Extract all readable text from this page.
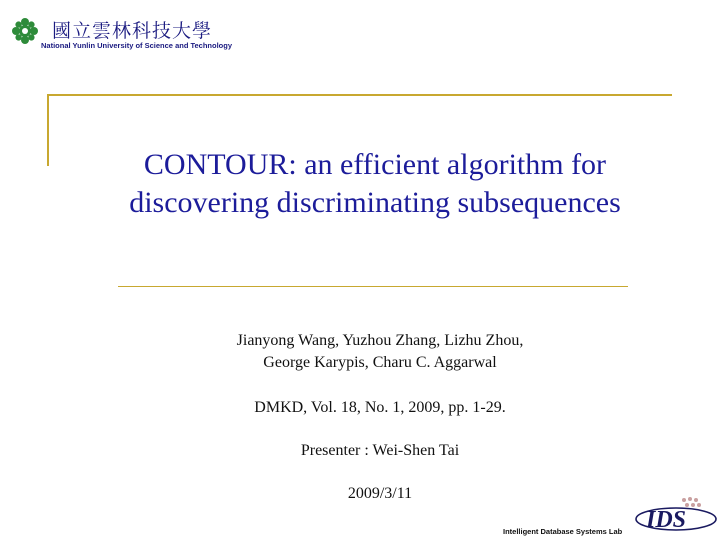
國立雲林科技大學
National Yunlin University of Science and Technology
CONTOUR: an efficient algorithm for
discovering discriminating subsequences
Jianyong Wang, Yuzhou Zhang, Lizhu Zhou,
George Karypis, Charu C. Aggarwal
DMKD, Vol. 18, No. 1, 2009, pp. 1-29.
Presenter : Wei-Shen Tai
2009/3/11
Intelligent Database Systems Lab IDS
